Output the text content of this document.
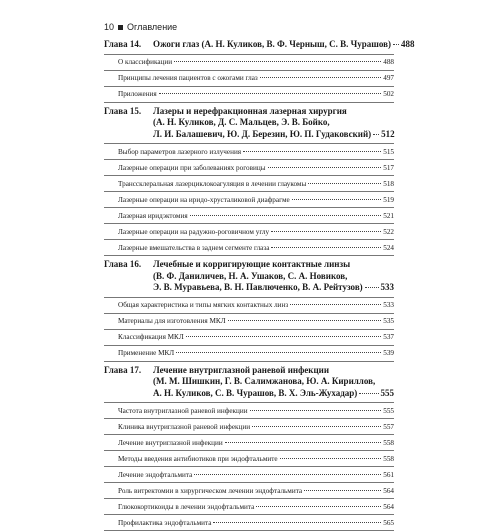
10 Оглавление
Глава 14.	Ожоги глаз (А. Н. Куликов, В. Ф. Черныш, С. В. Чурашов) 488
О классификации	488
Принципы лечения пациентов с ожогами глаз	497
Приложения	502
Глава 15.	Лазеры и нерефракционная лазерная хирургия
(А. Н. Куликов, Д. С. Мальцев, Э. В. Бойко,
Л. И. Балашевич, Ю. Д. Березин, Ю. П. Гудаковский) 512
Выбор параметров лазерного излучения	515
Лазерные операции при заболеваниях роговицы	517
Транссклеральная лазерциклокоагуляция в лечении глаукомы	518
Лазерные операции на иридо-хрусталиковой диафрагме	519
Лазерная иридэктомия	521
Лазерные операции на радужно-роговичном углу	522
Лазерные вмешательства в заднем сегменте глаза	524
Глава 16.	Лечебные и корригирующие контактные линзы
(В. Ф. Даниличев, Н. А. Ушаков, С. А. Новиков,
Э. В. Муравьева, В. Н. Павлюченко, В. А. Рейтузов) 533
Общая характеристика и типы мягких контактных линз	533
Материалы для изготовления МКЛ	535
Классификация МКЛ	537
Применение МКЛ	539
Глава 17.	Лечение внутриглазной раневой инфекции
(М. М. Шишкин, Г. В. Салимжанова, Ю. А. Кириллов,
А. Н. Куликов, С. В. Чурашов, В. Х. Эль-Жухадар)	555
Частота внутриглазной раневой инфекции	555
Клиника внутриглазной раневой инфекции	557
Лечение внутриглазной инфекции	558
Методы введения антибиотиков при эндофтальмите	558
Лечение эндофтальмита	561
Роль витректомии в хирургическом лечении эндофтальмита	564
Глюкокортикоиды в лечении эндофтальмита	564
Профилактика эндофтальмита	565
